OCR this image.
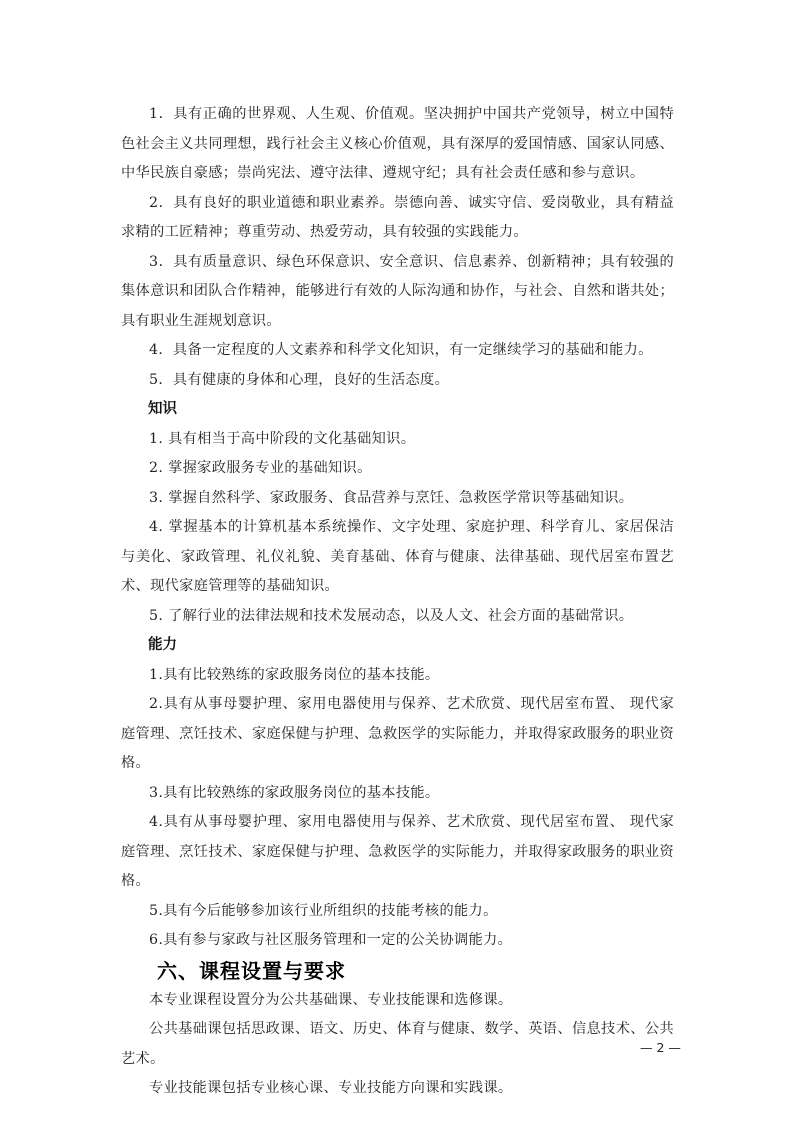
1．具有正确的世界观、人生观、价值观。坚决拥护中国共产党领导，树立中国特色社会主义共同理想，践行社会主义核心价值观，具有深厚的爱国情感、国家认同感、中华民族自豪感；崇尚宪法、遵守法律、遵规守纪；具有社会责任感和参与意识。

2．具有良好的职业道德和职业素养。崇德向善、诚实守信、爱岗敬业，具有精益求精的工匠精神；尊重劳动、热爱劳动，具有较强的实践能力。

3．具有质量意识、绿色环保意识、安全意识、信息素养、创新精神；具有较强的集体意识和团队合作精神，能够进行有效的人际沟通和协作，与社会、自然和谐共处；具有职业生涯规划意识。

4．具备一定程度的人文素养和科学文化知识，有一定继续学习的基础和能力。

5．具有健康的身体和心理，良好的生活态度。

知识

1. 具有相当于高中阶段的文化基础知识。

2. 掌握家政服务专业的基础知识。

3. 掌握自然科学、家政服务、食品营养与烹饪、急救医学常识等基础知识。

4. 掌握基本的计算机基本系统操作、文字处理、家庭护理、科学育儿、家居保洁与美化、家政管理、礼仪礼貌、美育基础、体育与健康、法律基础、现代居室布置艺术、现代家庭管理等的基础知识。

5. 了解行业的法律法规和技术发展动态，以及人文、社会方面的基础常识。

能力

1.具有比较熟练的家政服务岗位的基本技能。

2.具有从事母婴护理、家用电器使用与保养、艺术欣赏、现代居室布置、 现代家庭管理、烹饪技术、家庭保健与护理、急救医学的实际能力，并取得家政服务的职业资格。

3.具有比较熟练的家政服务岗位的基本技能。

4.具有从事母婴护理、家用电器使用与保养、艺术欣赏、现代居室布置、 现代家庭管理、烹饪技术、家庭保健与护理、急救医学的实际能力，并取得家政服务的职业资格。

5.具有今后能够参加该行业所组织的技能考核的能力。

6.具有参与家政与社区服务管理和一定的公关协调能力。

六、课程设置与要求

本专业课程设置分为公共基础课、专业技能课和选修课。

公共基础课包括思政课、语文、历史、体育与健康、数学、英语、信息技术、公共艺术。

专业技能课包括专业核心课、专业技能方向课和实践课。

— 2 —
